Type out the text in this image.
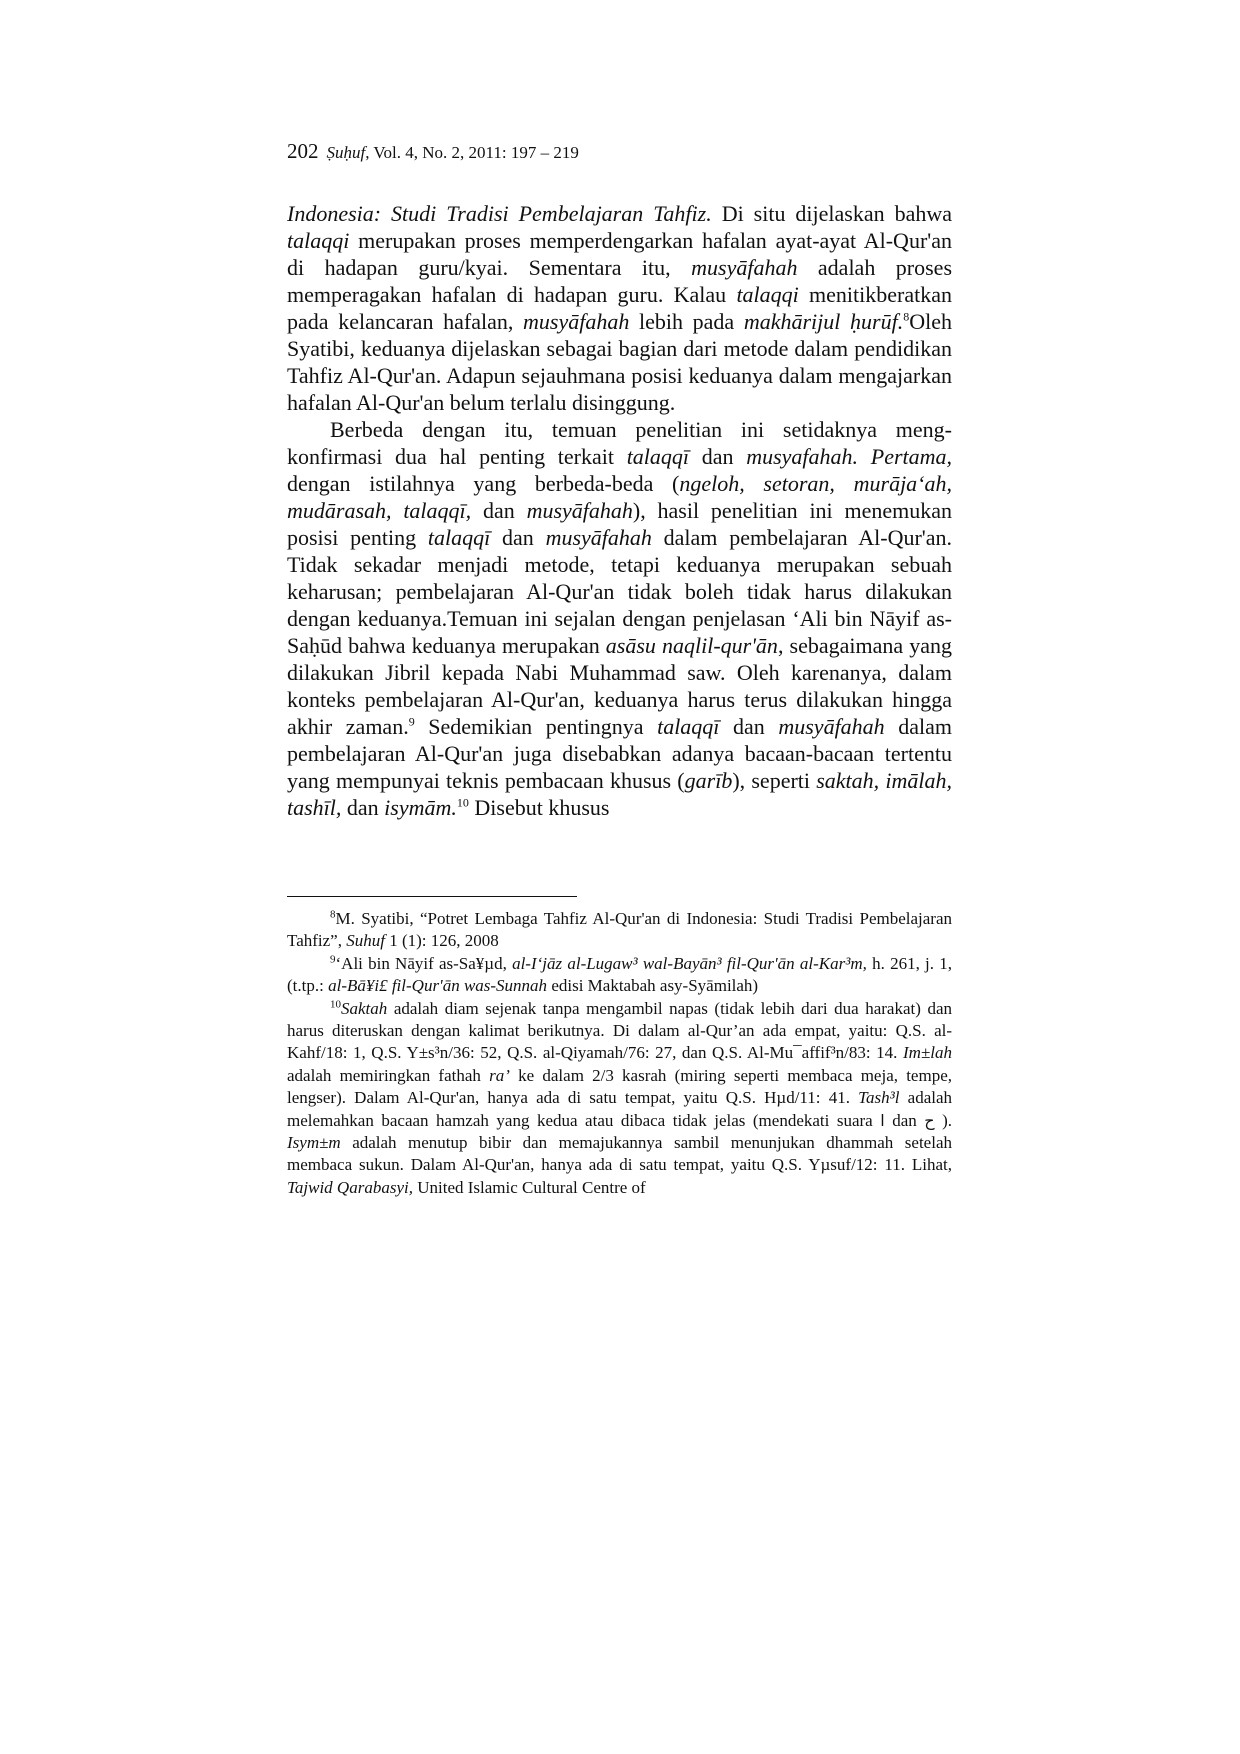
202 Ṣuḥuf, Vol. 4, No. 2, 2011: 197 – 219

Indonesia: Studi Tradisi Pembelajaran Tahfiz. Di situ dijelaskan bahwa talaqqi merupakan proses memperdengarkan hafalan ayat-ayat Al-Qur'an di hadapan guru/kyai. Sementara itu, musyāfahah adalah proses memperagakan hafalan di hadapan guru. Kalau talaqqi menitikberatkan pada kelancaran hafalan, musyāfahah lebih pada makhārijul ḥurūf.$^8$Oleh Syatibi, keduanya dijelaskan sebagai bagian dari metode dalam pendidikan Tahfiz Al-Qur'an. Adapun sejauhmana posisi keduanya dalam mengajarkan hafalan Al-Qur'an belum terlalu disinggung.

Berbeda dengan itu, temuan penelitian ini setidaknya meng-konfirmasi dua hal penting terkait talaqqī dan musyafahah. Pertama, dengan istilahnya yang berbeda-beda (ngeloh, setoran, murāja‘ah, mudārasah, talaqqī, dan musyāfahah), hasil penelitian ini menemukan posisi penting talaqqī dan musyāfahah dalam pembelajaran Al-Qur'an. Tidak sekadar menjadi metode, tetapi keduanya merupakan sebuah keharusan; pembelajaran Al-Qur'an tidak boleh tidak harus dilakukan dengan keduanya.Temuan ini sejalan dengan penjelasan ‘Ali bin Nāyif as-Saḥūd bahwa keduanya merupakan asāsu naqlil-qur'ān, sebagaimana yang dilakukan Jibril kepada Nabi Muhammad saw. Oleh karenanya, dalam konteks pembelajaran Al-Qur'an, keduanya harus terus dilakukan hingga akhir zaman.$^9$ Sedemikian pentingnya talaqqī dan musyāfahah dalam pembelajaran Al-Qur'an juga disebabkan adanya bacaan-bacaan tertentu yang mempunyai teknis pembacaan khusus (garīb), seperti saktah, imālah, tashīl, dan isymām.$^{10}$ Disebut khusus

$^8$M. Syatibi, “Potret Lembaga Tahfiz Al-Qur'an di Indonesia: Studi Tradisi Pembelajaran Tahfiz”, Suhuf 1 (1): 126, 2008

$^9$‘Ali bin Nāyif as-Sa¥µd, al-I‘jāz al-Lugaw³ wal-Bayān³ fil-Qur'ān al-Kar³m, h. 261, j. 1, (t.tp.: al-Bā¥i£ fil-Qur'ān was-Sunnah edisi Maktabah asy-Syāmilah)

$^{10}$Saktah adalah diam sejenak tanpa mengambil napas (tidak lebih dari dua harakat) dan harus diteruskan dengan kalimat berikutnya. Di dalam al-Qur’an ada empat, yaitu: Q.S. al-Kahf/18: 1, Q.S. Y±s³n/36: 52, Q.S. al-Qiyamah/76: 27, dan Q.S. Al-Mu¯affif³n/83: 14. Im±lah adalah memiringkan fathah ra’ ke dalam 2/3 kasrah (miring seperti membaca meja, tempe, lengser). Dalam Al-Qur'an, hanya ada di satu tempat, yaitu Q.S. Hµd/11: 41. Tash³l adalah melemahkan bacaan hamzah yang kedua atau dibaca tidak jelas (mendekati suara ا dan ح ). Isym±m adalah menutup bibir dan memajukannya sambil menunjukan dhammah setelah membaca sukun. Dalam Al-Qur'an, hanya ada di satu tempat, yaitu Q.S. Yµsuf/12: 11. Lihat, Tajwid Qarabasyi, United Islamic Cultural Centre of
